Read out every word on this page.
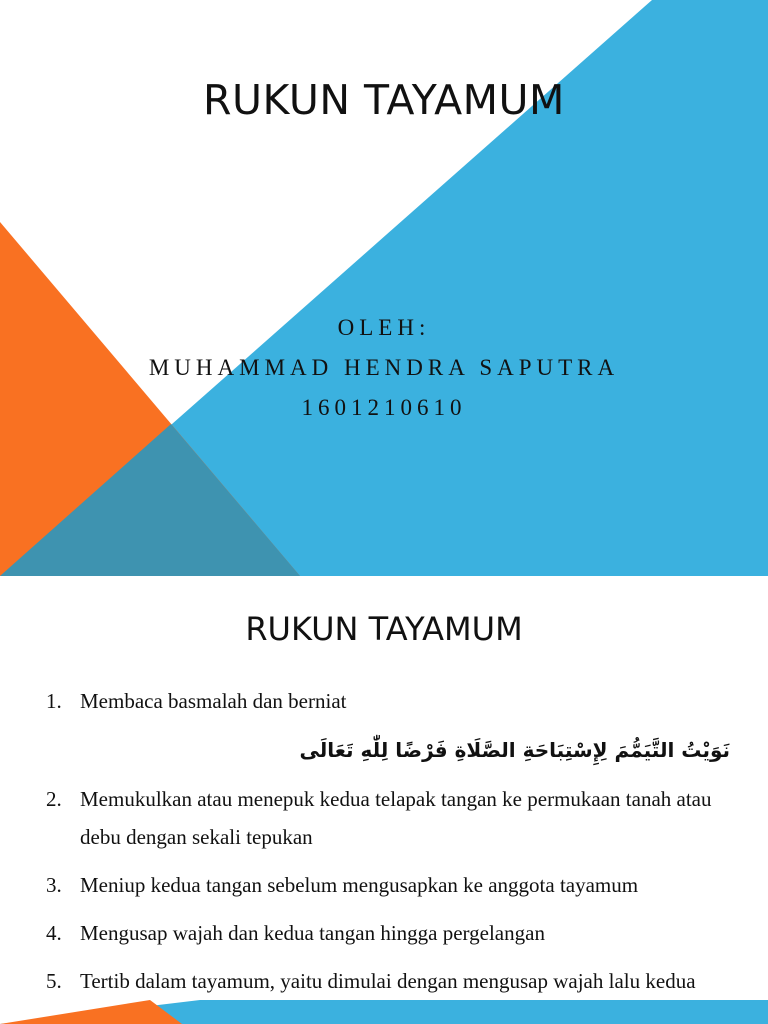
RUKUN TAYAMUM
OLEH:
MUHAMMAD HENDRA SAPUTRA
1601210610
RUKUN TAYAMUM
1. Membaca basmalah dan berniat
نَوَيْتُ التَّيَمُّمَ لِإِسْتِبَاحَةِ الصَّلَاةِ فَرْضًا لِلّٰهِ تَعَالَى
2. Memukulkan atau menepuk kedua telapak tangan ke permukaan tanah atau debu dengan sekali tepukan
3. Meniup kedua tangan sebelum mengusapkan ke anggota tayamum
4. Mengusap wajah dan kedua tangan hingga pergelangan
5. Tertib dalam tayamum, yaitu dimulai dengan mengusap wajah lalu kedua
